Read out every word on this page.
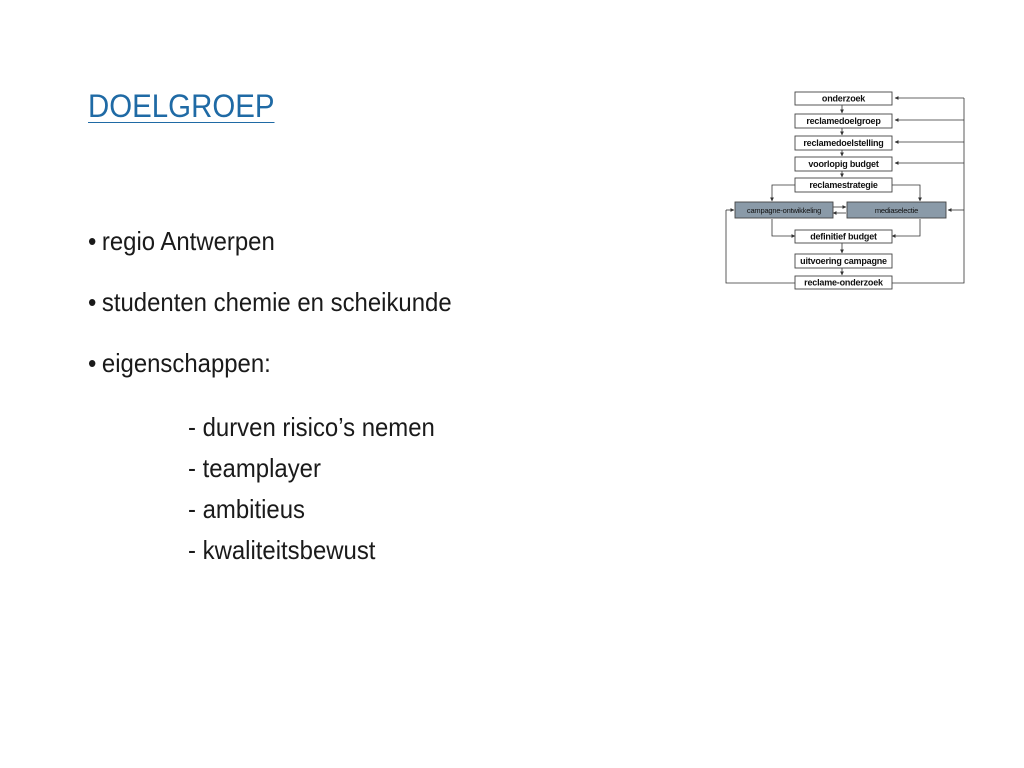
DOELGROEP
• regio Antwerpen
• studenten chemie en scheikunde
• eigenschappen:
- durven risico’s nemen
- teamplayer
- ambitieus
- kwaliteitsbewust
onderzoek
reclamedoelgroep
reclamedoelstelling
voorlopig budget
reclamestrategie
campagne-ontwikkeling	mediaselectie
definitief budget
uitvoering campagne
reclame-onderzoek
